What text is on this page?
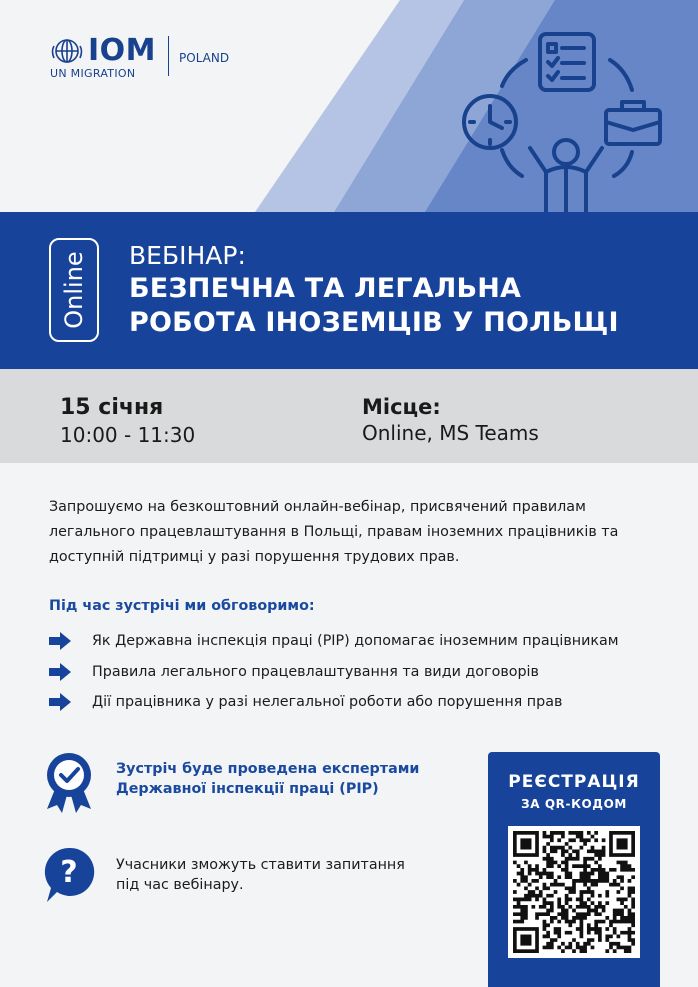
IOM
UN MIGRATION
POLAND
Online ВЕБІНАР:
БЕЗПЕЧНА ТА ЛЕГАЛЬНА
РОБОТА ІНОЗЕМЦІВ У ПОЛЬЩІ
15 січня
10:00 - 11:30
Місце:
Online, MS Teams
Запрошуємо на безкоштовний онлайн-вебінар, присвячений правилам легального працевлаштування в Польщі, правам іноземних працівників та доступній підтримці у разі порушення трудових прав.
Під час зустрічі ми обговоримо:
Як Державна інспекція праці (PIP) допомагає іноземним працівникам
Правила легального працевлаштування та види договорів
Дії працівника у разі нелегальної роботи або порушення прав
Зустріч буде проведена експертами
Державної інспекції праці (PIP)
?	Учасники зможуть ставити запитання
під час вебінару.
РЕЄСТРАЦІЯ
ЗА QR-КОДОМ
